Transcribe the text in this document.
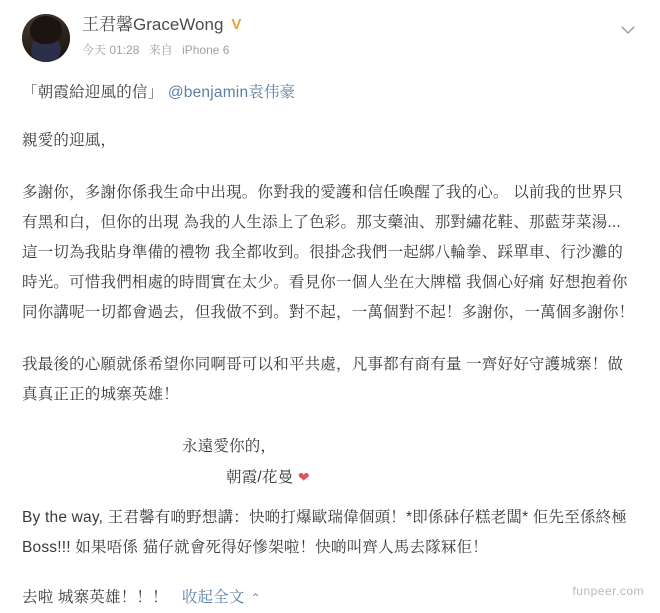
王君馨GraceWong V
今天 01:28 来自 iPhone 6

「朝霞給迎風的信」 @benjamin袁伟豪

親愛的迎風，

多謝你，多謝你係我生命中出現。你對我的愛護和信任喚醒了我的心。 以前我的世界只有黑和白，但你的出現 為我的人生添上了色彩。那支藥油、那對繡花鞋、那藍芽菜湯... 這一切為我貼身準備的禮物 我全都收到。很掛念我們一起綁八輪拳、踩單車、行沙灘的時光。可惜我們相處的時間實在太少。看見你一個人坐在大牌檔 我個心好痛 好想抱着你 同你講呢一切都會過去，但我做不到。對不起，一萬個對不起！多謝你，一萬個多謝你！

我最後的心願就係希望你同啊哥可以和平共處，凡事都有商有量 一齊好好守護城寨！做真真正正的城寨英雄！

永遠愛你的，
朝霞/花曼 ❤

By the way, 王君馨有啲野想講：快啲打爆歐瑞偉個頭！*即係砵仔糕老闆* 佢先至係終極Boss!!! 如果唔係 猫仔就會死得好慘架啦！快啲叫齊人馬去隊冧佢！

去啦 城寨英雄！！！ 收起全文 ⌃	funpeer.com
